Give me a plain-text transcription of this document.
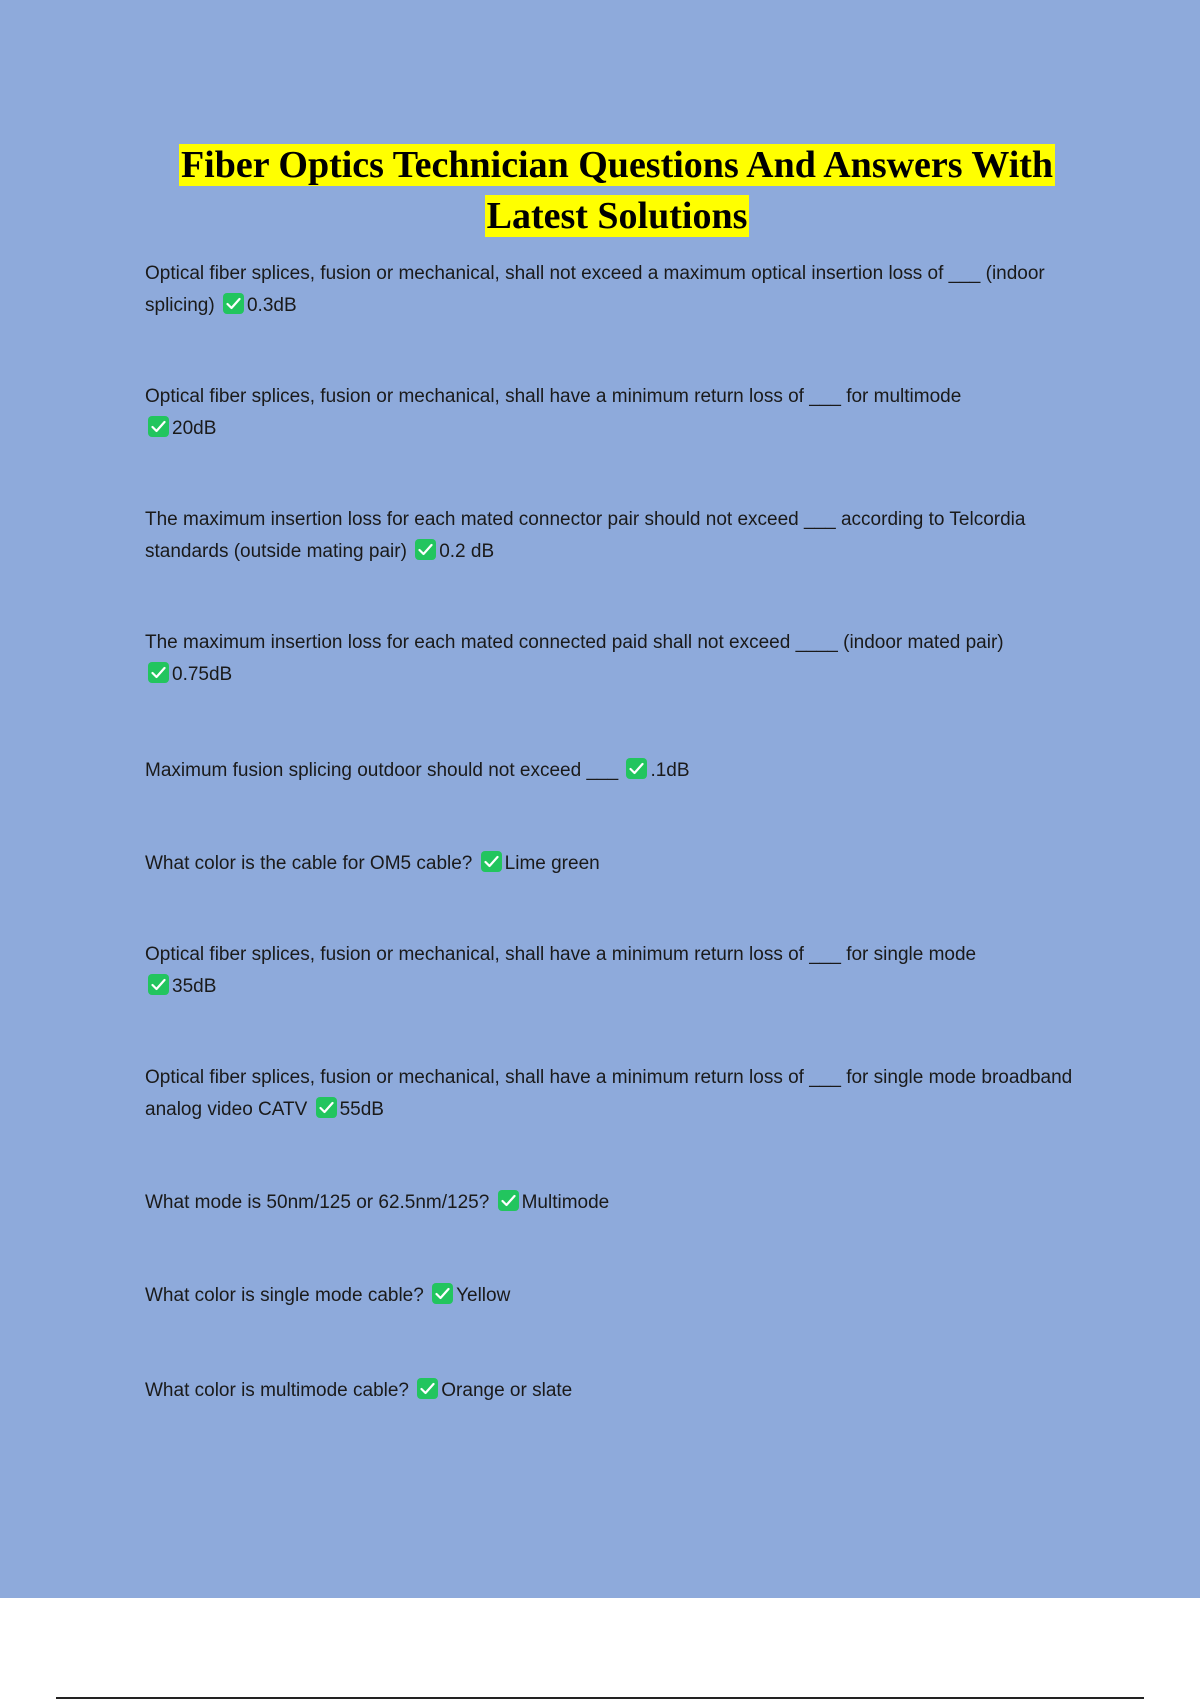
Fiber Optics Technician Questions And Answers With
Latest Solutions
Optical fiber splices, fusion or mechanical, shall not exceed a maximum optical insertion loss of ___ (indoor splicing) 0.3dB
Optical fiber splices, fusion or mechanical, shall have a minimum return loss of ___ for multimode

20dB
The maximum insertion loss for each mated connector pair should not exceed ___ according to Telcordia standards (outside mating pair) 0.2 dB
The maximum insertion loss for each mated connected paid shall not exceed ____ (indoor mated pair)

0.75dB
Maximum fusion splicing outdoor should not exceed ___ .1dB
What color is the cable for OM5 cable? Lime green
Optical fiber splices, fusion or mechanical, shall have a minimum return loss of ___ for single mode

35dB
Optical fiber splices, fusion or mechanical, shall have a minimum return loss of ___ for single mode broadband analog video CATV 55dB
What mode is 50nm/125 or 62.5nm/125? Multimode
What color is single mode cable? Yellow
What color is multimode cable? Orange or slate
